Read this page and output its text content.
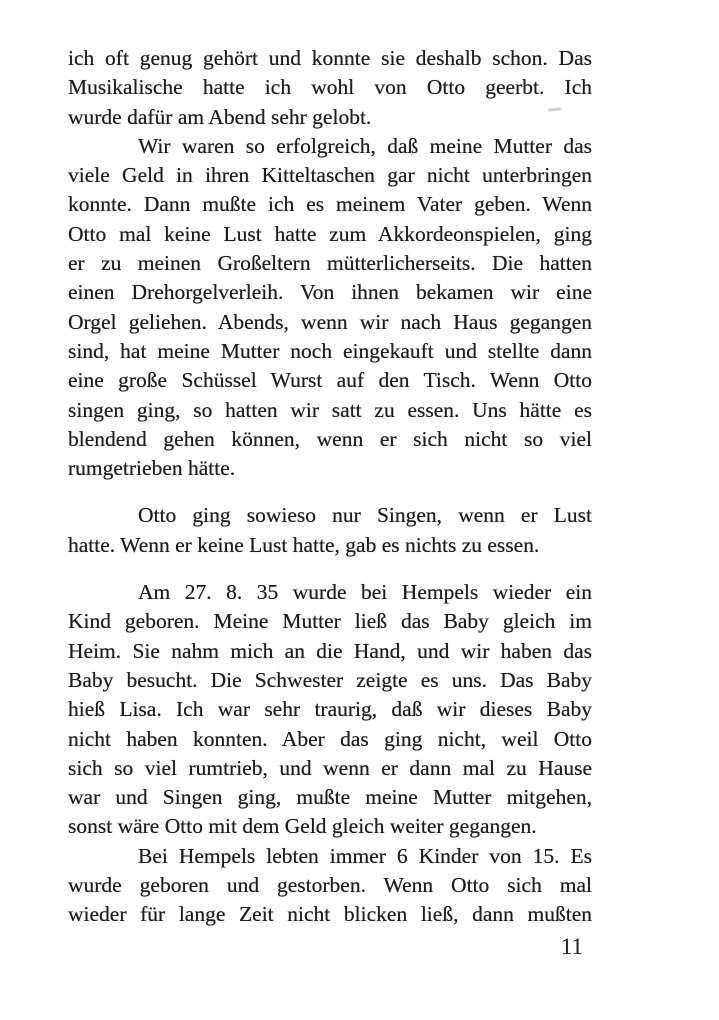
ich oft genug gehört und konnte sie deshalb schon. Das
Musikalische hatte ich wohl von Otto geerbt. Ich
wurde dafür am Abend sehr gelobt.
Wir waren so erfolgreich, daß meine Mutter das
viele Geld in ihren Kitteltaschen gar nicht unterbringen
konnte. Dann mußte ich es meinem Vater geben. Wenn
Otto mal keine Lust hatte zum Akkordeonspielen, ging
er zu meinen Großeltern mütterlicherseits. Die hatten
einen Drehorgelverleih. Von ihnen bekamen wir eine
Orgel geliehen. Abends, wenn wir nach Haus gegangen
sind, hat meine Mutter noch eingekauft und stellte dann
eine große Schüssel Wurst auf den Tisch. Wenn Otto
singen ging, so hatten wir satt zu essen. Uns hätte es
blendend gehen können, wenn er sich nicht so viel
rumgetrieben hätte.
Otto ging sowieso nur Singen, wenn er Lust
hatte. Wenn er keine Lust hatte, gab es nichts zu essen.
Am 27. 8. 35 wurde bei Hempels wieder ein
Kind geboren. Meine Mutter ließ das Baby gleich im
Heim. Sie nahm mich an die Hand, und wir haben das
Baby besucht. Die Schwester zeigte es uns. Das Baby
hieß Lisa. Ich war sehr traurig, daß wir dieses Baby
nicht haben konnten. Aber das ging nicht, weil Otto
sich so viel rumtrieb, und wenn er dann mal zu Hause
war und Singen ging, mußte meine Mutter mitgehen,
sonst wäre Otto mit dem Geld gleich weiter gegangen.
Bei Hempels lebten immer 6 Kinder von 15. Es
wurde geboren und gestorben. Wenn Otto sich mal
wieder für lange Zeit nicht blicken ließ, dann mußten
11
